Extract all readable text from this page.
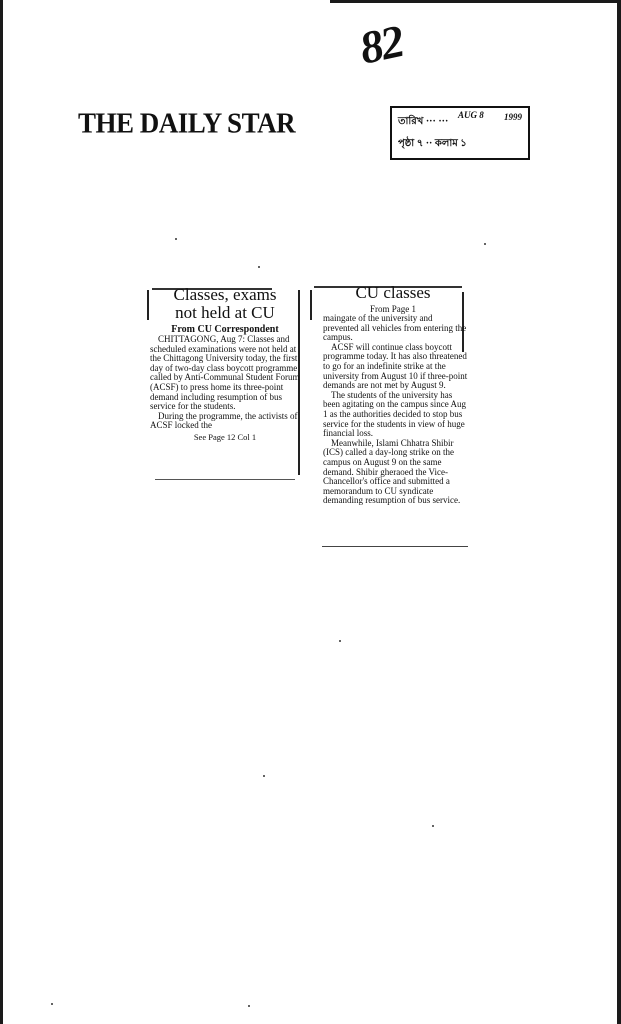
82
THE DAILY STAR	তারিখ ··· ···
AUG 8 1999
পৃষ্ঠা ৭ ·· কলাম ১
Classes, exams
not held at CU
From CU Correspondent

CHITTAGONG, Aug 7: Classes and scheduled examinations were not held at the Chittagong University today, the first day of two-day class boycott programme called by Anti-Communal Student Forum (ACSF) to press home its three-point demand including resumption of bus service for the students.

During the programme, the activists of ACSF locked the

See Page 12 Col 1
CU classes
From Page 1

maingate of the university and prevented all vehicles from entering the campus.

ACSF will continue class boycott programme today. It has also threatened to go for an indefinite strike at the university from August 10 if three-point demands are not met by August 9.

The students of the university has been agitating on the campus since Aug 1 as the authorities decided to stop bus service for the students in view of huge financial loss.

Meanwhile, Islami Chhatra Shibir (ICS) called a day-long strike on the campus on August 9 on the same demand. Shibir gheraoed the Vice-Chancellor's office and submitted a memorandum to CU syndicate demanding resumption of bus service.
